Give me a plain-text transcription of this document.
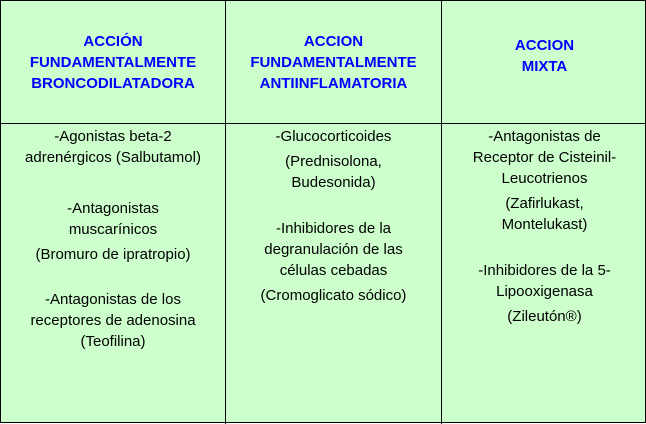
ACCIÓN
FUNDAMENTALMENTE
BRONCODILATADORA
ACCION
FUNDAMENTALMENTE
ANTIINFLAMATORIA
ACCION
MIXTA
-Agonistas beta-2
adrenérgicos (Salbutamol)
-Antagonistas
muscarínicos
(Bromuro de ipratropio)
-Antagonistas de los
receptores de adenosina
(Teofilina)
-Glucocorticoides
(Prednisolona,
Budesonida)
-Inhibidores de la
degranulación de las
células cebadas
(Cromoglicato sódico)
-Antagonistas de
Receptor de Cisteinil-
Leucotrienos
(Zafirlukast,
Montelukast)
-Inhibidores de la 5-
Lipooxigenasa
(Zileutón®)
